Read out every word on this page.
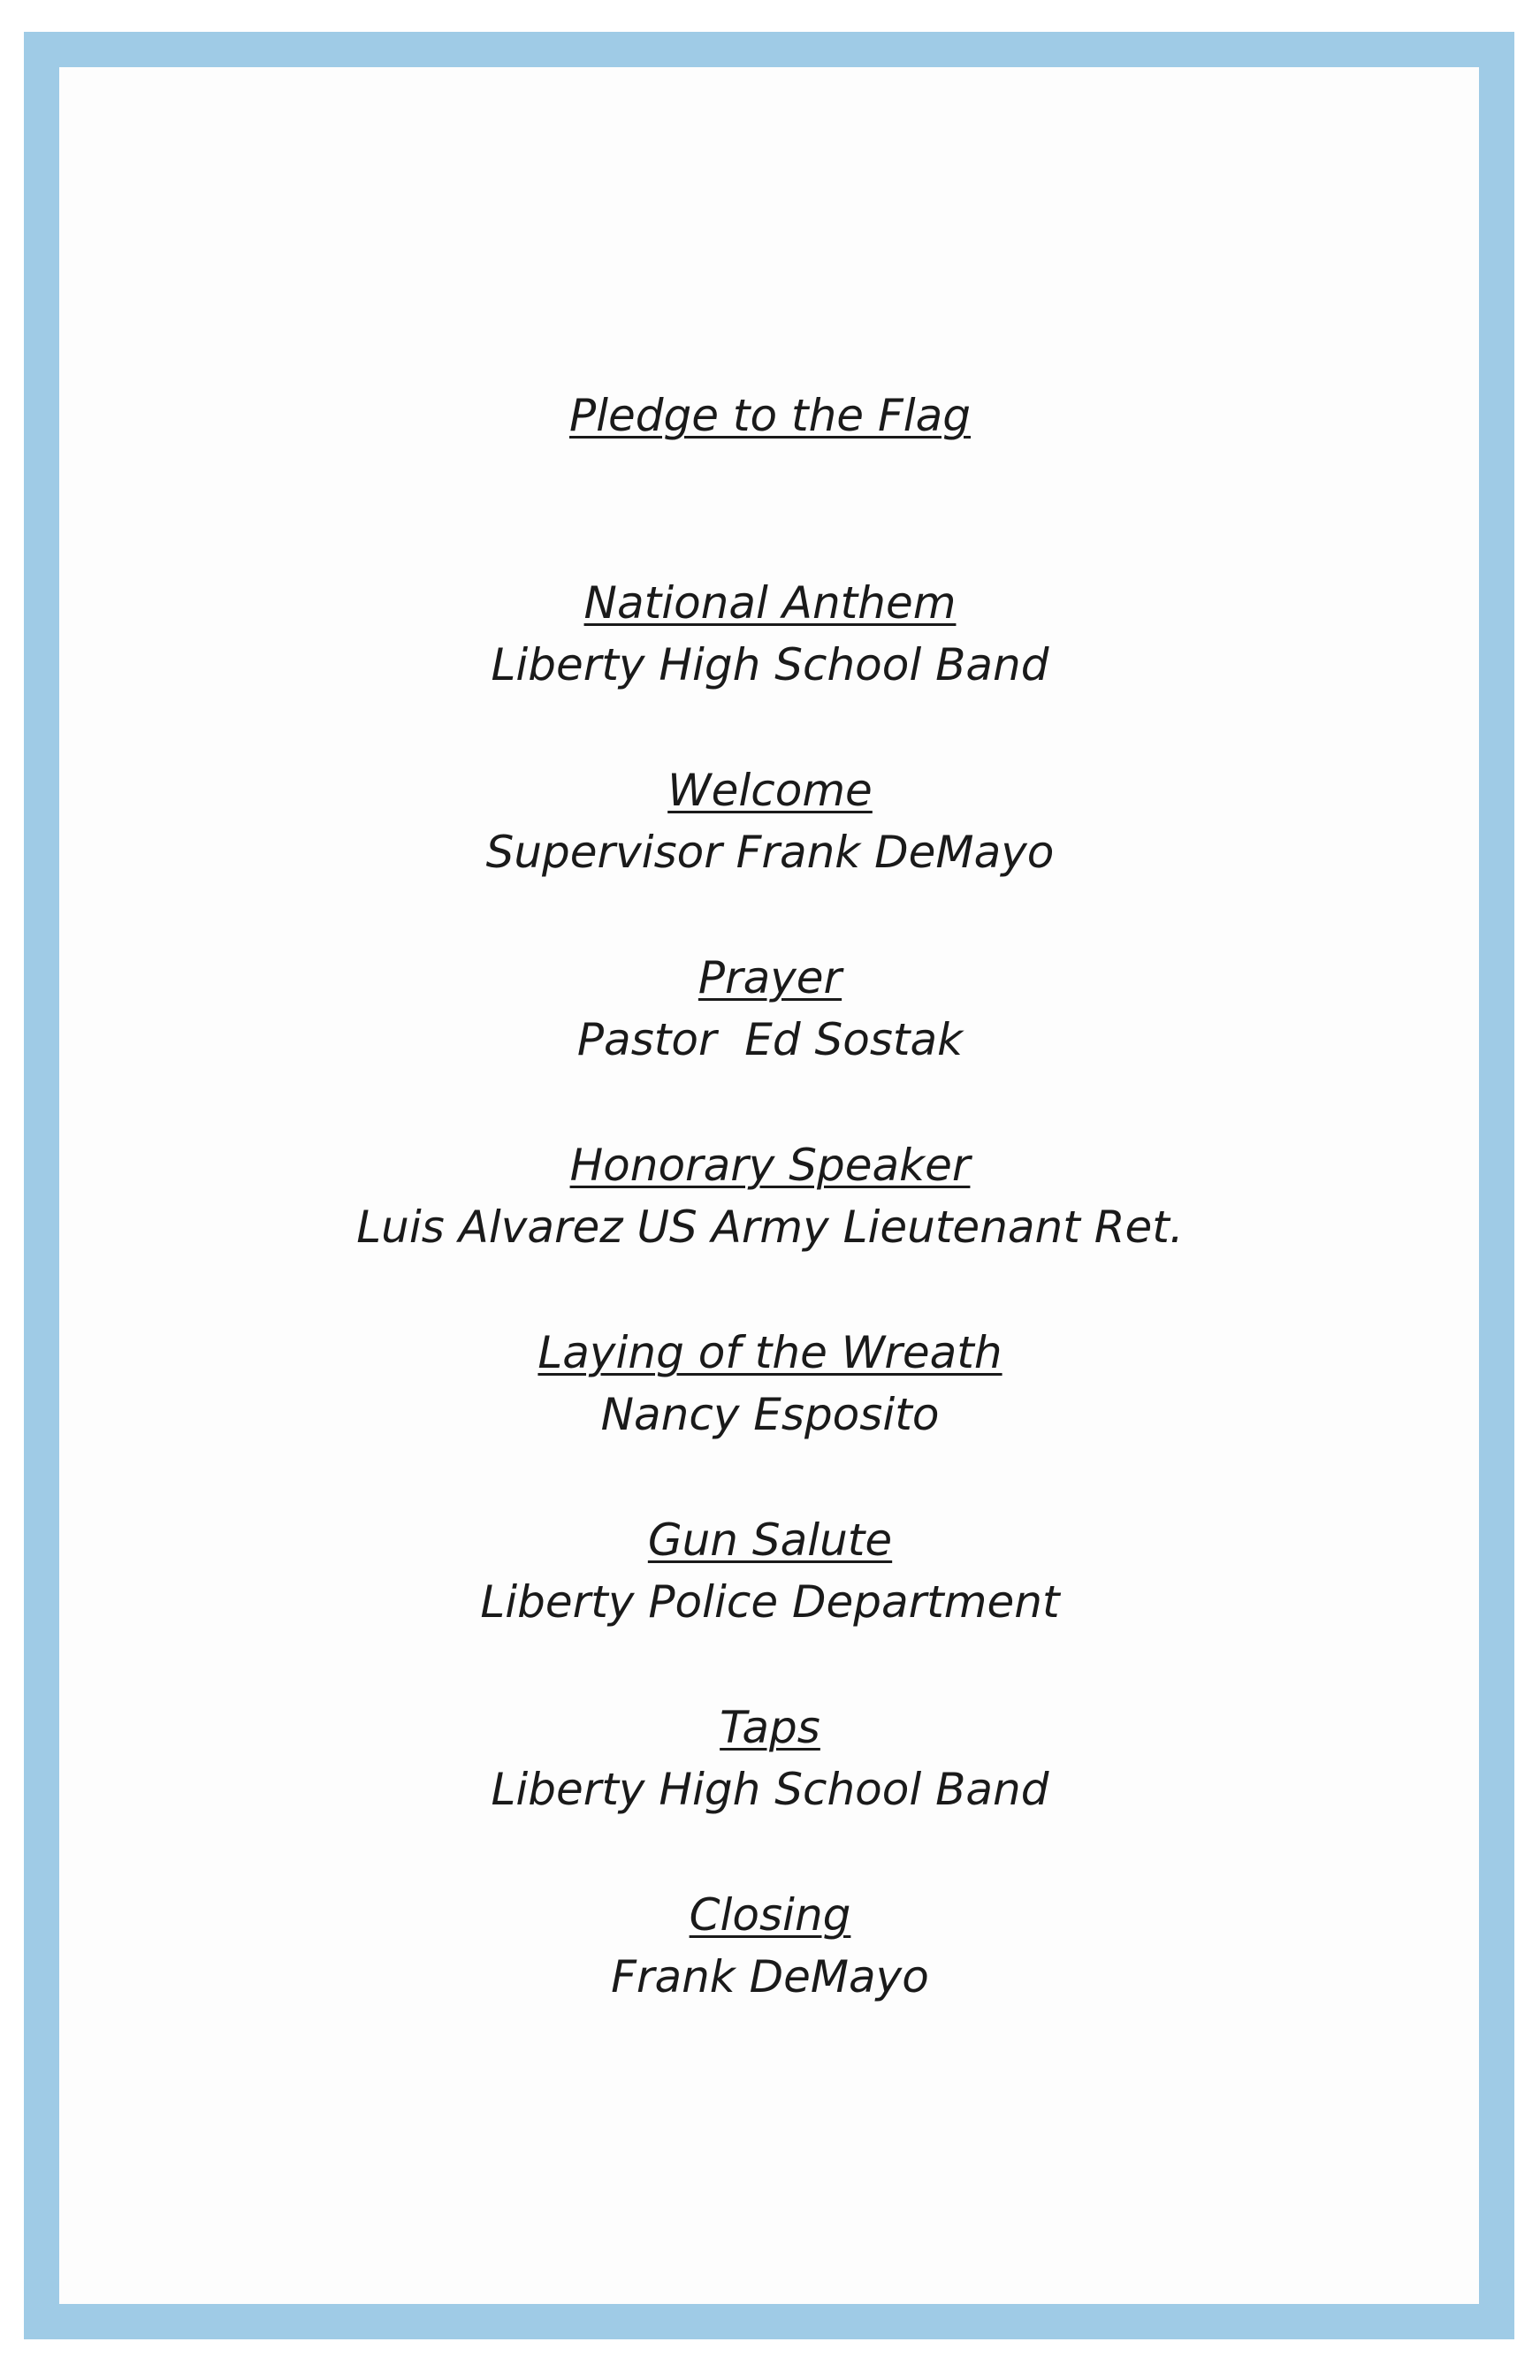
Pledge to the Flag
National Anthem
Liberty High School Band
Welcome
Supervisor Frank DeMayo
Prayer
Pastor  Ed Sostak
Honorary Speaker
Luis Alvarez US Army Lieutenant Ret.
Laying of the Wreath
Nancy Esposito
Gun Salute
Liberty Police Department
Taps
Liberty High School Band
Closing
Frank DeMayo
